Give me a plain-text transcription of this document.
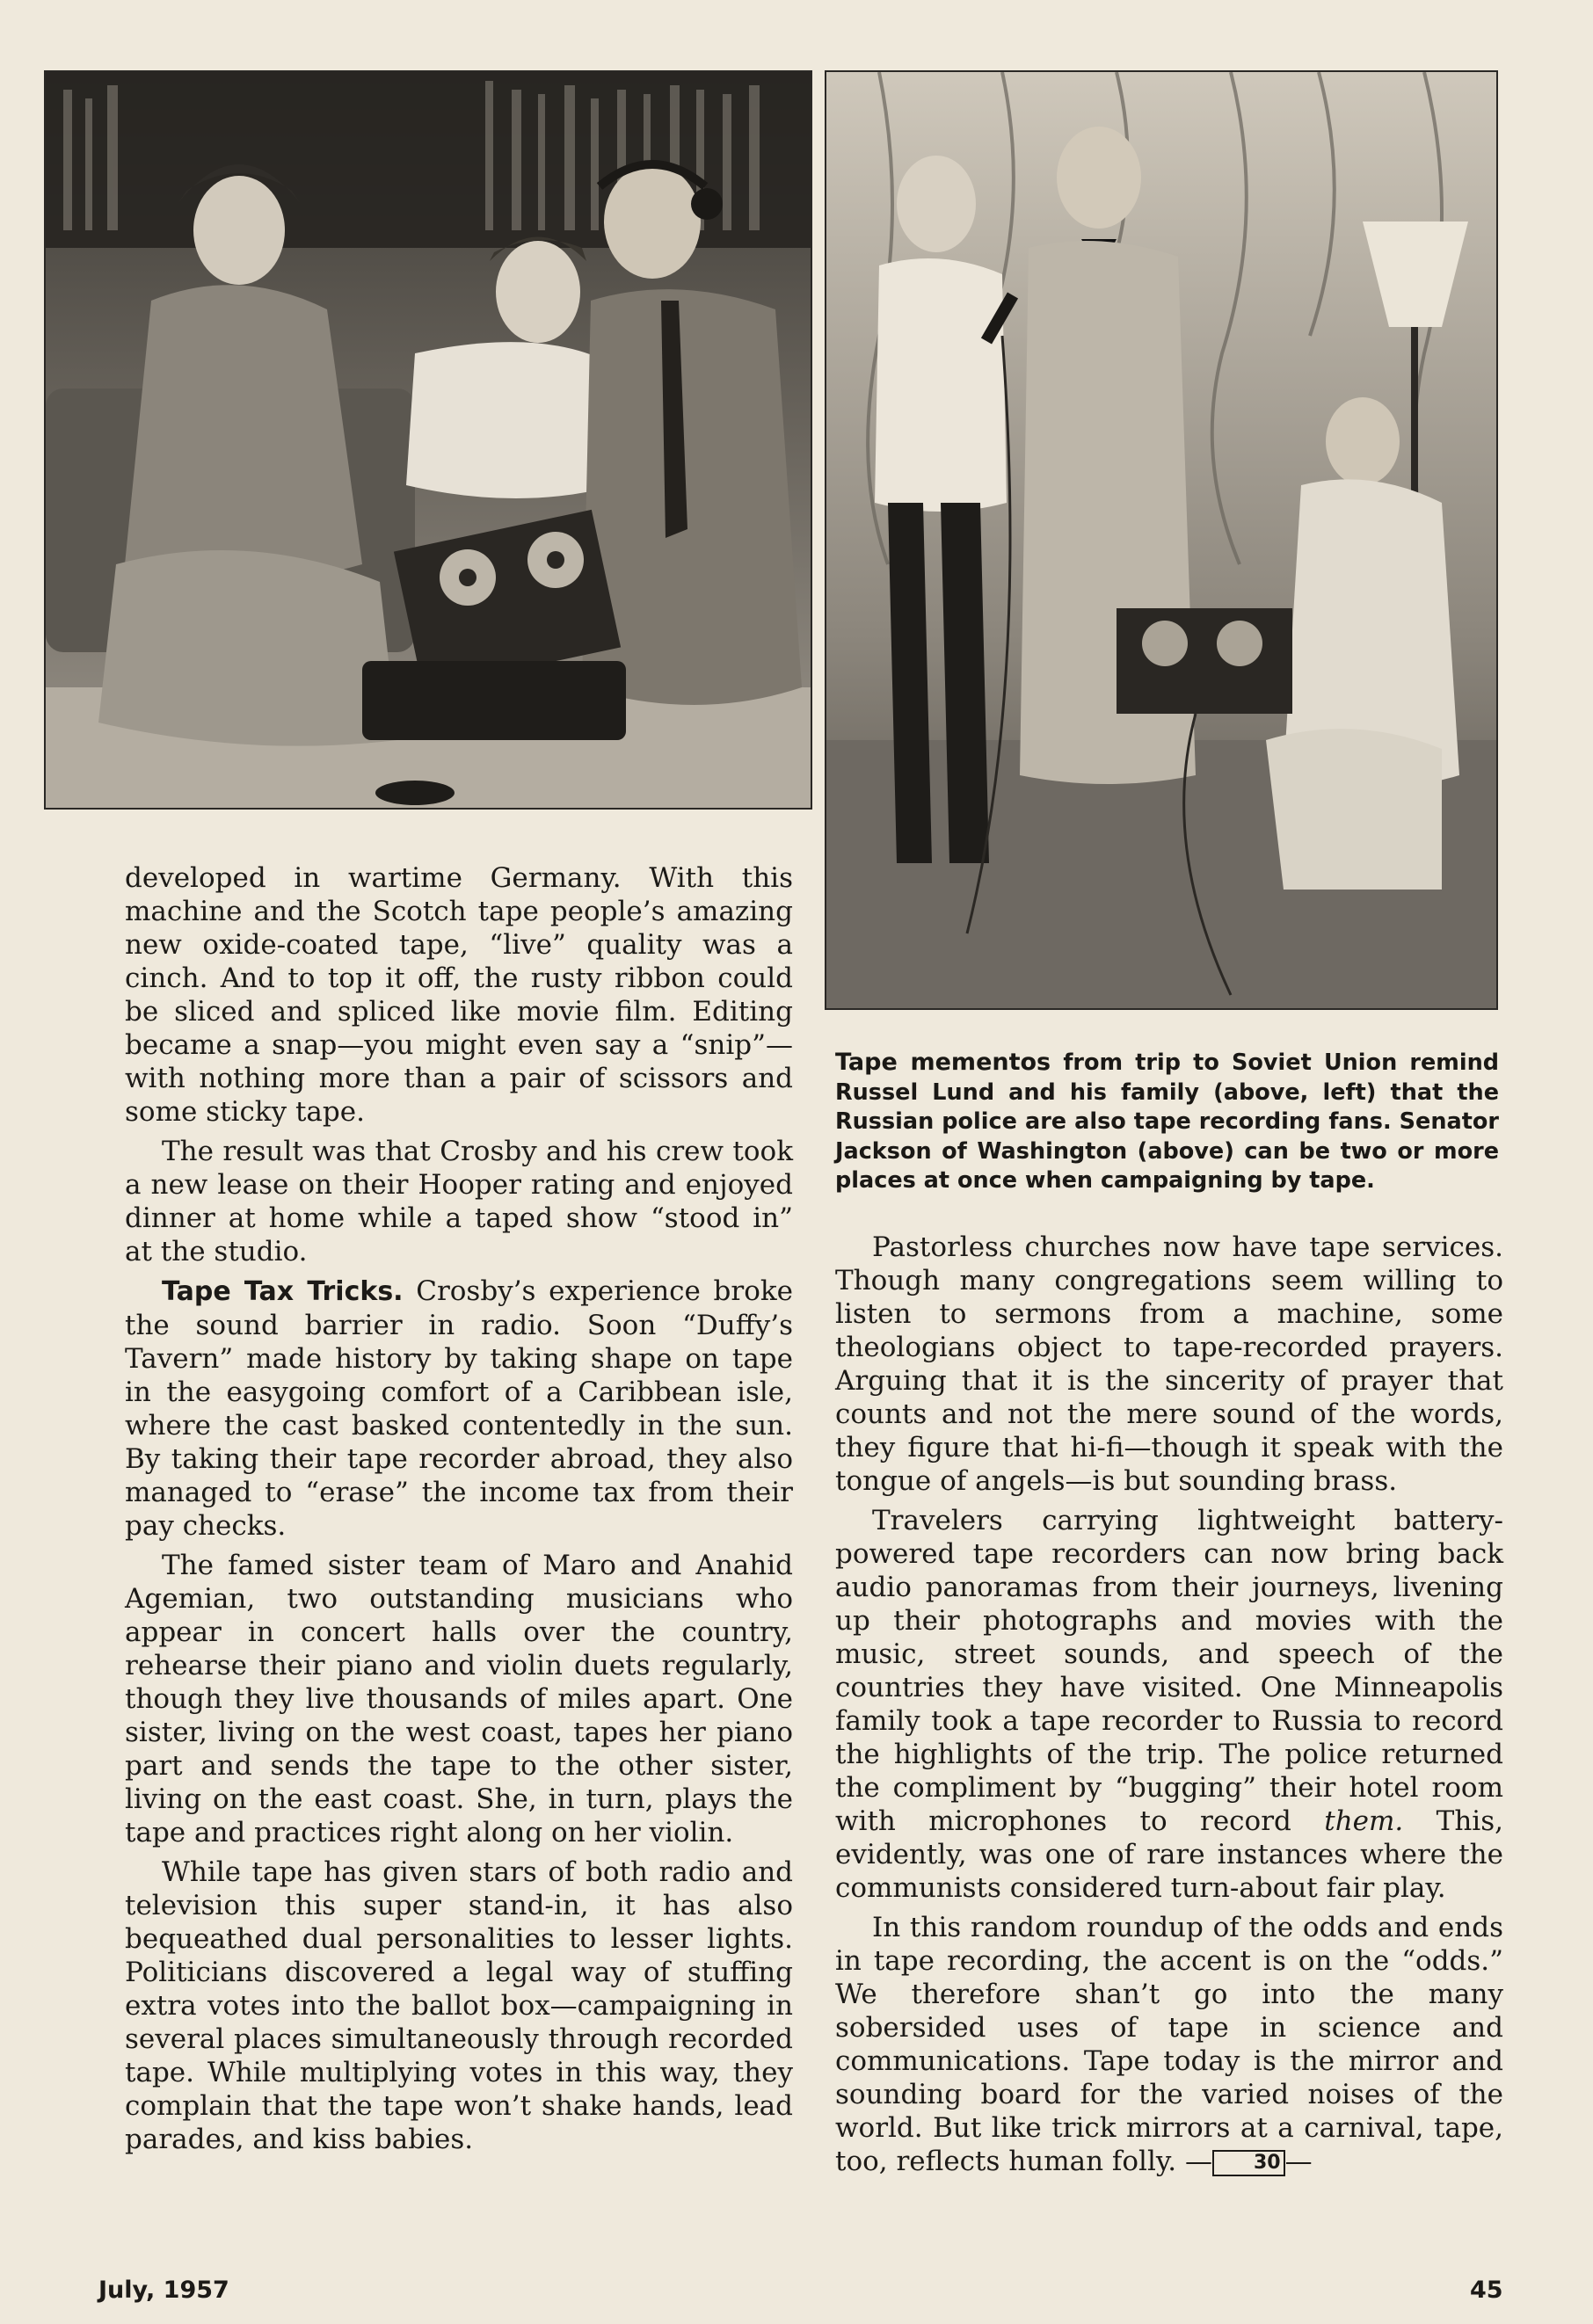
Tape mementos from trip to Soviet Union remind Russel Lund and his family (above, left) that the Russian police are also tape recording fans. Senator Jackson of Washington (above) can be two or more places at once when campaigning by tape.

developed in wartime Germany. With this machine and the Scotch tape people’s amazing new oxide-coated tape, “live” quality was a cinch. And to top it off, the rusty ribbon could be sliced and spliced like movie film. Editing became a snap—you might even say a “snip”—with nothing more than a pair of scissors and some sticky tape.

The result was that Crosby and his crew took a new lease on their Hooper rating and enjoyed dinner at home while a taped show “stood in” at the studio.

Tape Tax Tricks. Crosby’s experience broke the sound barrier in radio. Soon “Duffy’s Tavern” made history by taking shape on tape in the easygoing comfort of a Caribbean isle, where the cast basked contentedly in the sun. By taking their tape recorder abroad, they also managed to “erase” the income tax from their pay checks.

The famed sister team of Maro and Anahid Agemian, two outstanding musicians who appear in concert halls over the country, rehearse their piano and violin duets regularly, though they live thousands of miles apart. One sister, living on the west coast, tapes her piano part and sends the tape to the other sister, living on the east coast. She, in turn, plays the tape and practices right along on her violin.

While tape has given stars of both radio and television this super stand-in, it has also bequeathed dual personalities to lesser lights. Politicians discovered a legal way of stuffing extra votes into the ballot box—campaigning in several places simultaneously through recorded tape. While multiplying votes in this way, they complain that the tape won’t shake hands, lead parades, and kiss babies.

Pastorless churches now have tape services. Though many congregations seem willing to listen to sermons from a machine, some theologians object to tape-recorded prayers. Arguing that it is the sincerity of prayer that counts and not the mere sound of the words, they figure that hi-fi—though it speak with the tongue of angels—is but sounding brass.

Travelers carrying lightweight battery-powered tape recorders can now bring back audio panoramas from their journeys, livening up their photographs and movies with the music, street sounds, and speech of the countries they have visited. One Minneapolis family took a tape recorder to Russia to record the highlights of the trip. The police returned the compliment by “bugging” their hotel room with microphones to record them. This, evidently, was one of rare instances where the communists considered turn-about fair play.

In this random roundup of the odds and ends in tape recording, the accent is on the “odds.” We therefore shan’t go into the many sobersided uses of tape in science and communications. Tape today is the mirror and sounding board for the varied noises of the world. But like trick mirrors at a carnival, tape, too, reflects human folly. — 30 —

July, 1957	45
